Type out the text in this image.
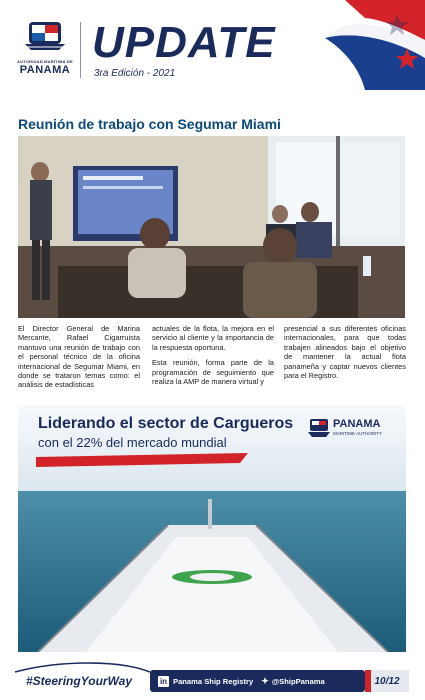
AUTORIDAD MARÍTIMA DE
PANAMA
UPDATE
3ra Edición - 2021
Reunión de trabajo con Segumar Miami

El Director General de Marina Mercante, Rafael Cigarruista mantuvo una reunión de trabajo con el personal técnico de la oficina internacional de Segumar Miami, en donde se trataron temas como: el análisis de estadísticas

actuales de la flota, la mejora en el servicio al cliente y la importancia de la respuesta oportuna.

Esta reunión, forma parte de la programación de seguimiento que realiza la AMP de manera virtual y

presencial a sus diferentes oficinas internacionales, para que todas trabajen alineados bajo el objetivo de mantener la actual flota panameña y captar nuevos clientes para el Registro.

Liderando el sector de Cargueros
con el 22% del mercado mundial
PANAMA
MARITIME AUTHORITY
#SteeringYourWay	in Panama Ship Registry ✦ @ShipPanama	10/12
